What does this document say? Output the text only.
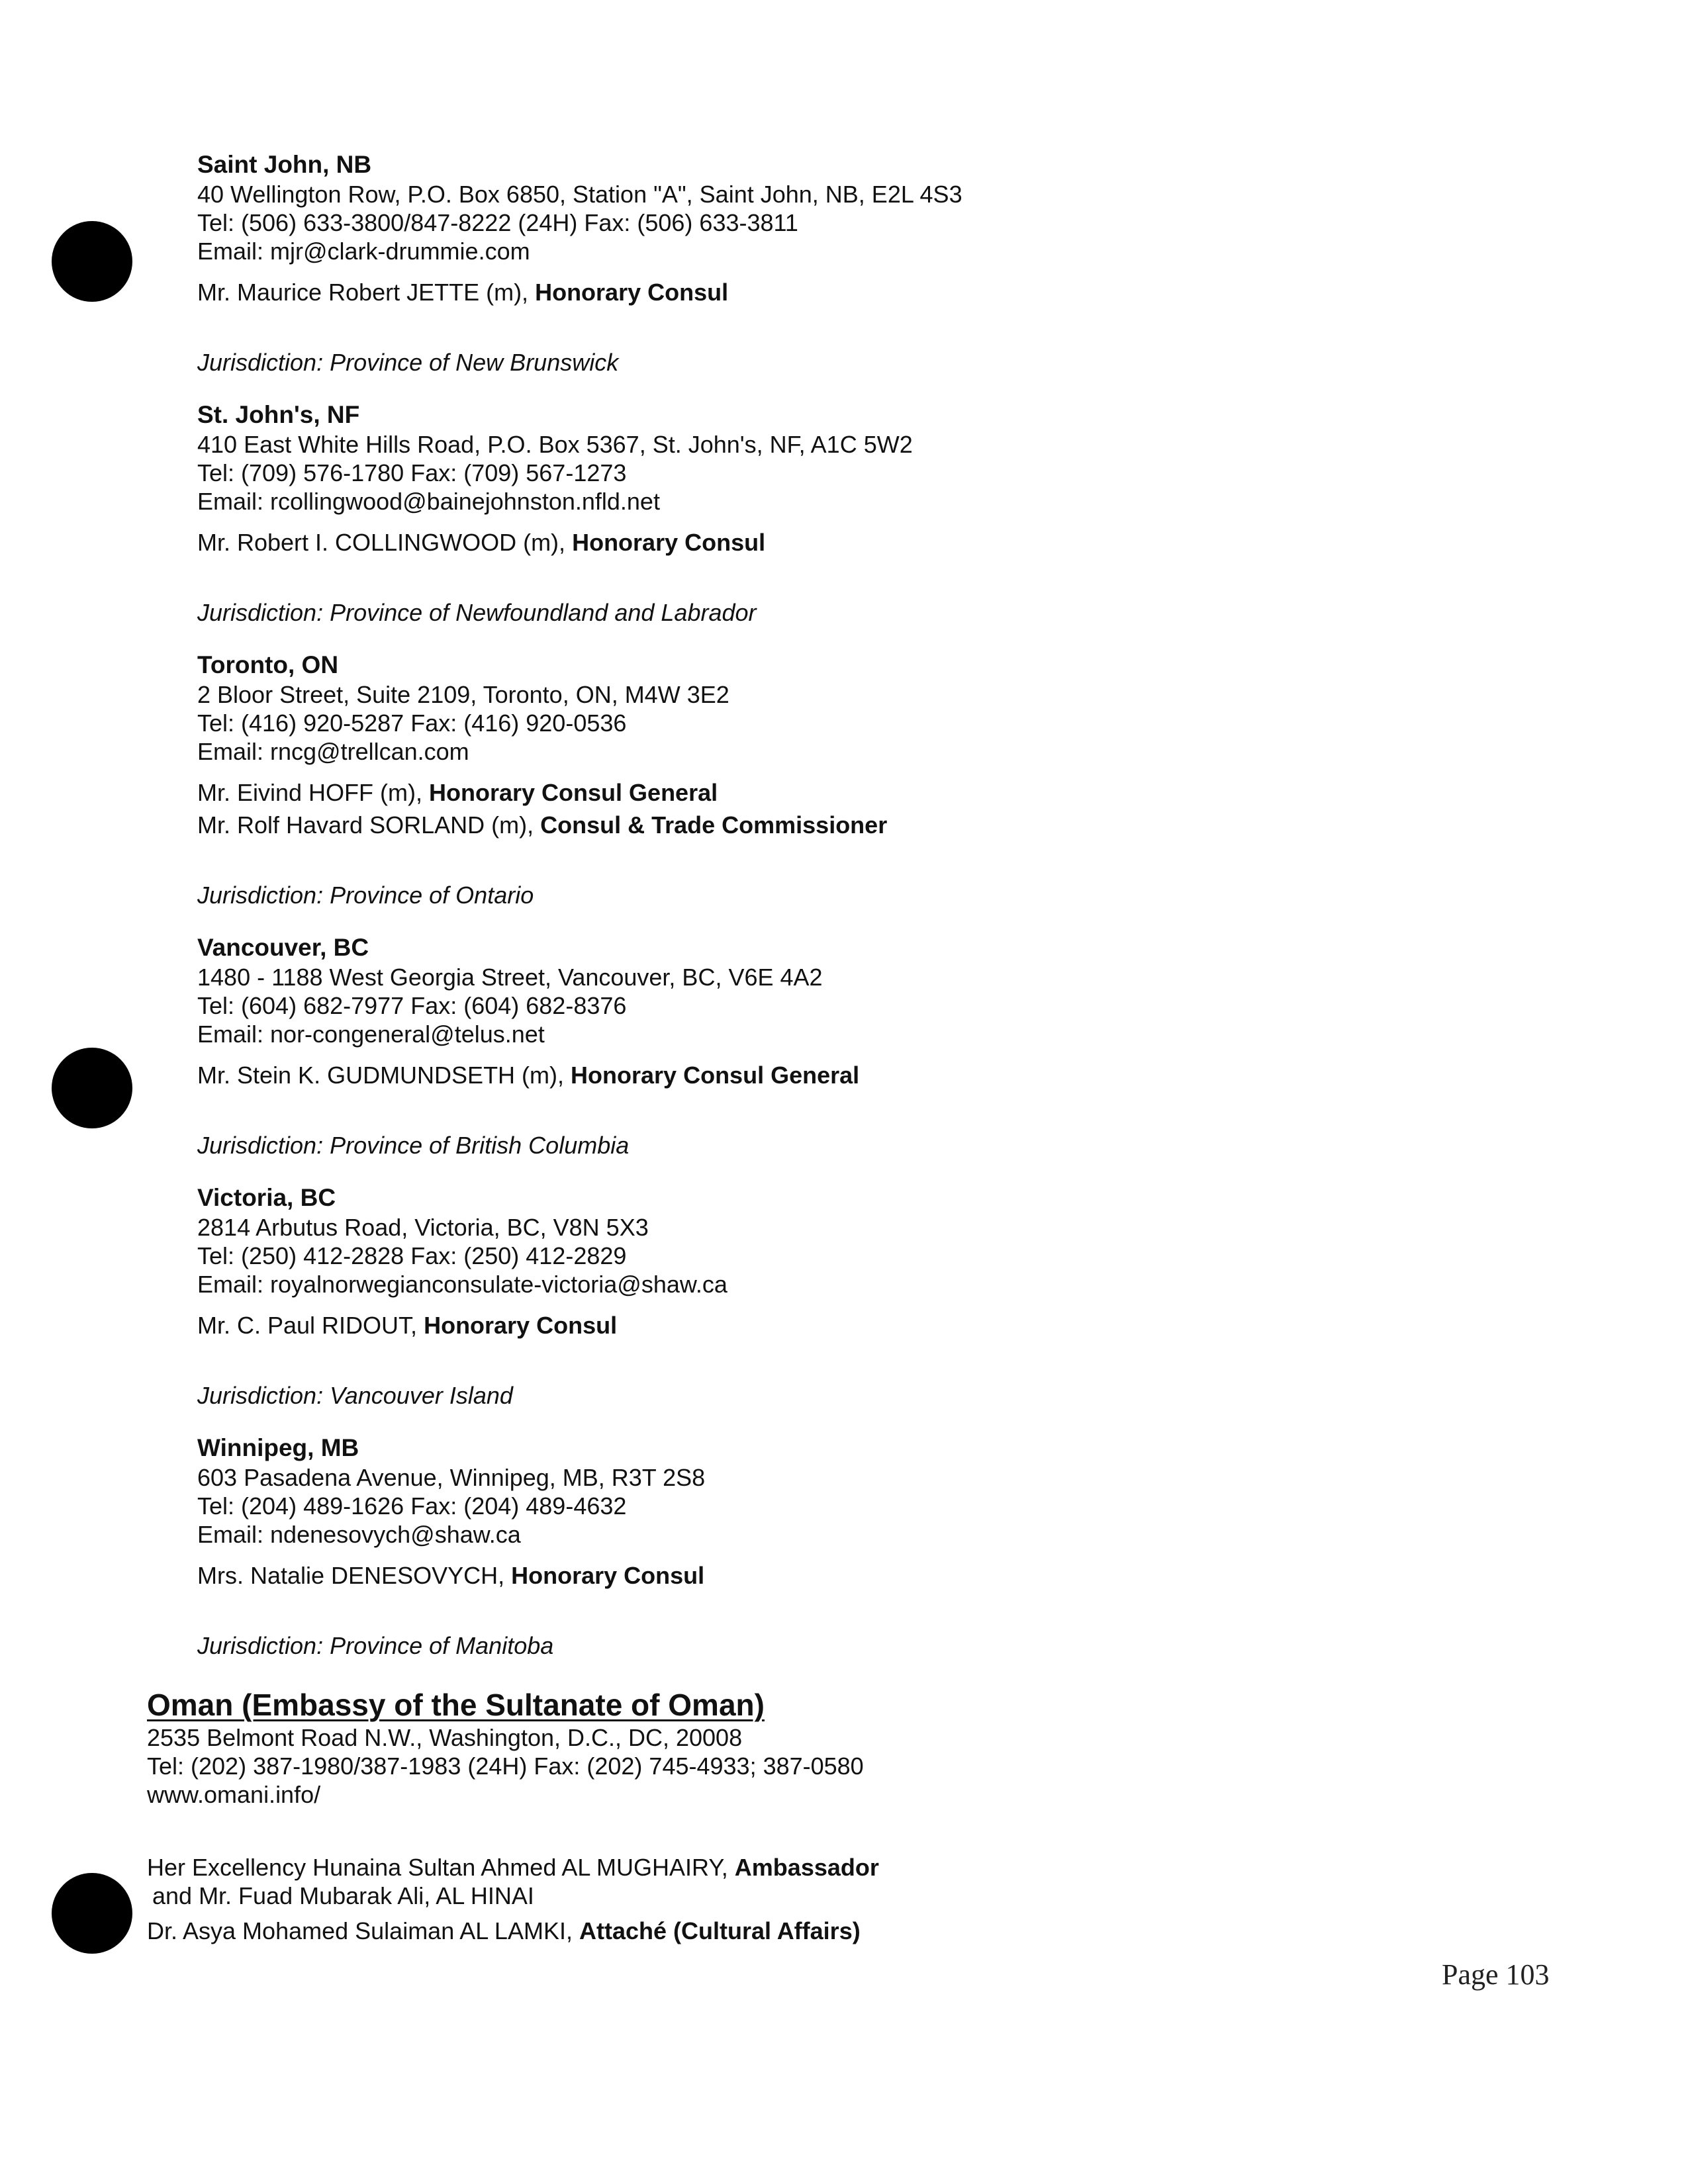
Saint John, NB
40 Wellington Row, P.O. Box 6850, Station "A", Saint John, NB, E2L 4S3
Tel: (506) 633-3800/847-8222 (24H) Fax: (506) 633-3811
Email: mjr@clark-drummie.com
Mr. Maurice Robert JETTE (m), Honorary Consul
Jurisdiction: Province of New Brunswick
St. John's, NF
410 East White Hills Road, P.O. Box 5367, St. John's, NF, A1C 5W2
Tel: (709) 576-1780 Fax: (709) 567-1273
Email: rcollingwood@bainejohnston.nfld.net
Mr. Robert I. COLLINGWOOD (m), Honorary Consul
Jurisdiction: Province of Newfoundland and Labrador
Toronto, ON
2 Bloor Street, Suite 2109, Toronto, ON, M4W 3E2
Tel: (416) 920-5287 Fax: (416) 920-0536
Email: rncg@trellcan.com
Mr. Eivind HOFF (m), Honorary Consul General
Mr. Rolf Havard SORLAND (m), Consul & Trade Commissioner
Jurisdiction: Province of Ontario
Vancouver, BC
1480 - 1188 West Georgia Street, Vancouver, BC, V6E 4A2
Tel: (604) 682-7977 Fax: (604) 682-8376
Email: nor-congeneral@telus.net
Mr. Stein K. GUDMUNDSETH (m), Honorary Consul General
Jurisdiction: Province of British Columbia
Victoria, BC
2814 Arbutus Road, Victoria, BC, V8N 5X3
Tel: (250) 412-2828 Fax: (250) 412-2829
Email: royalnorwegianconsulate-victoria@shaw.ca
Mr. C. Paul RIDOUT, Honorary Consul
Jurisdiction: Vancouver Island
Winnipeg, MB
603 Pasadena Avenue, Winnipeg, MB, R3T 2S8
Tel: (204) 489-1626 Fax: (204) 489-4632
Email: ndenesovych@shaw.ca
Mrs. Natalie DENESOVYCH, Honorary Consul
Jurisdiction: Province of Manitoba
Oman (Embassy of the Sultanate of Oman)
2535 Belmont Road N.W., Washington, D.C., DC, 20008
Tel: (202) 387-1980/387-1983 (24H) Fax: (202) 745-4933; 387-0580
www.omani.info/
Her Excellency Hunaina Sultan Ahmed AL MUGHAIRY, Ambassador
and Mr. Fuad Mubarak Ali, AL HINAI
Dr. Asya Mohamed Sulaiman AL LAMKI, Attaché (Cultural Affairs)
Page 103
